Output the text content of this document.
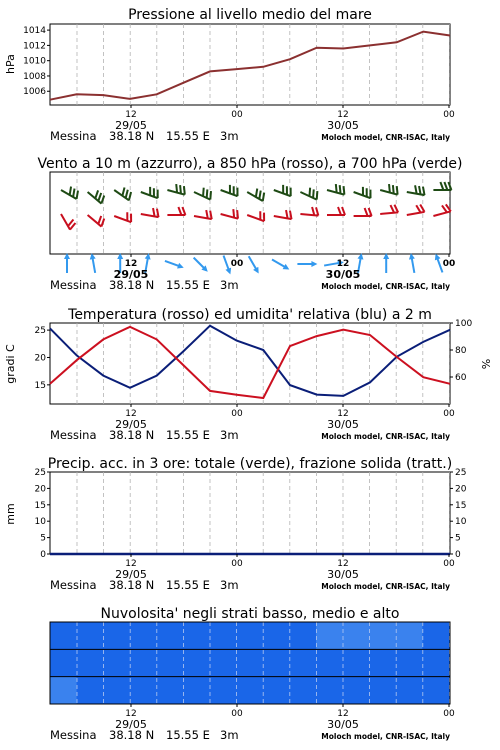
Pressione al livello medio del mare
1006
1008
1010
1012
1014
hPa
12	00	12	00
29/05	30/05
Messina 38.18 N 15.55 E 3m	Moloch model, CNR-ISAC, Italy
Vento a 10 m (azzurro), a 850 hPa (rosso), a 700 hPa (verde)
12	00	12	00
29/05	30/05
Messina 38.18 N 15.55 E 3m	Moloch model, CNR-ISAC, Italy
Temperatura (rosso) ed umidita' relativa (blu) a 2 m
15
20
25
60
80
100
gradi C	%
12	00	12	00
29/05	30/05
Messina 38.18 N 15.55 E 3m	Moloch model, CNR-ISAC, Italy
Precip. acc. in 3 ore: totale (verde), frazione solida (tratt.)
0	0
5	5
10	10
15	15
20	20
25	25
mm
12	00	12	00
29/05	30/05
Messina 38.18 N 15.55 E 3m	Moloch model, CNR-ISAC, Italy
Nuvolosita' negli strati basso, medio e alto
12	00	12	00
29/05	30/05
Messina 38.18 N 15.55 E 3m	Moloch model, CNR-ISAC, Italy
